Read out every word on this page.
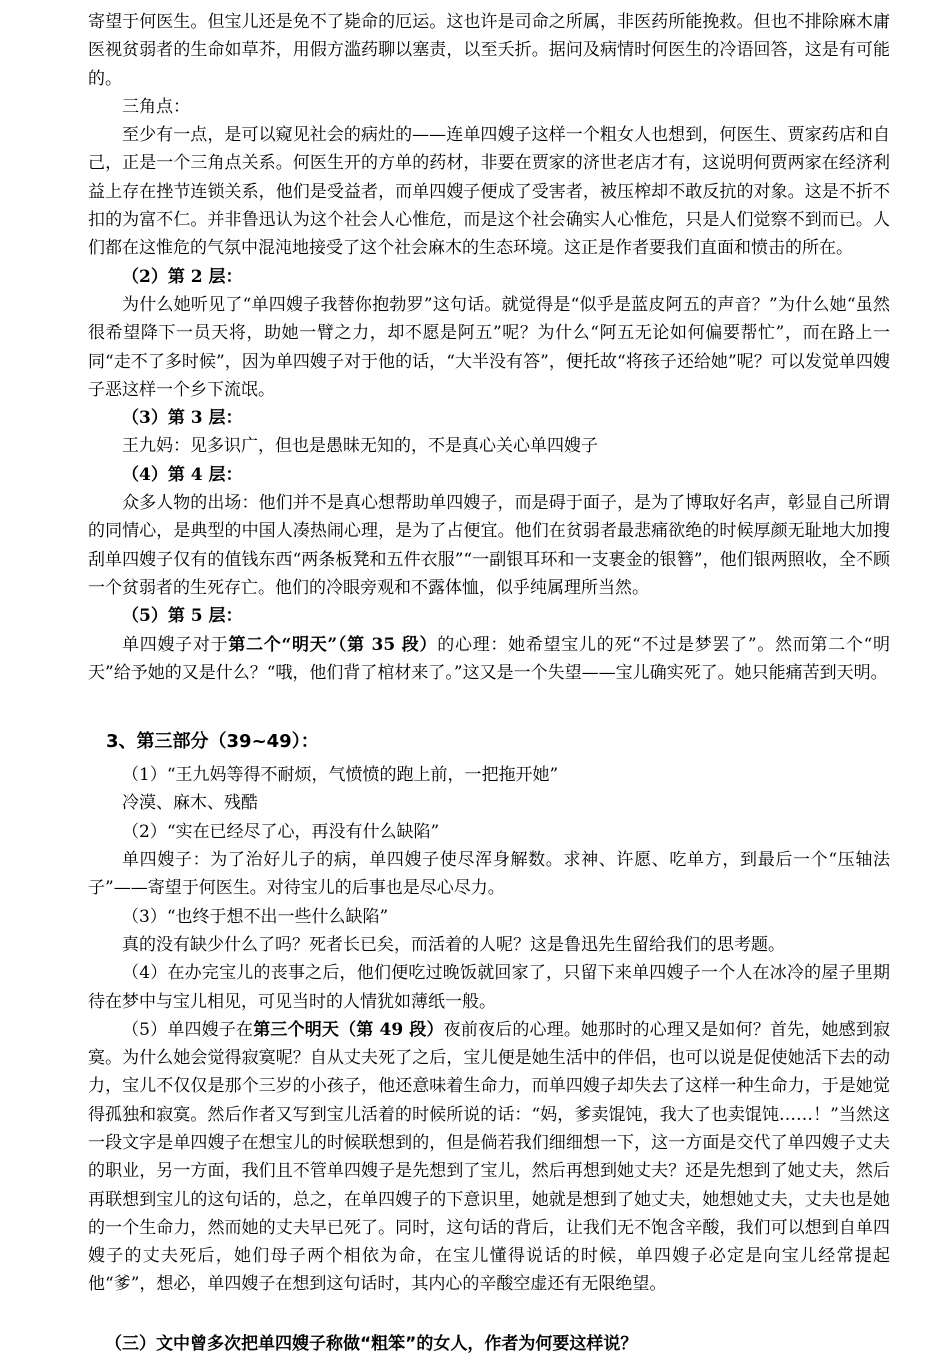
寄望于何医生。但宝儿还是免不了毙命的厄运。这也许是司命之所属，非医药所能挽救。但也不排除麻木庸医视贫弱者的生命如草芥，用假方滥药聊以塞责，以至夭折。据问及病情时何医生的冷语回答，这是有可能的。

三角点：

至少有一点，是可以窥见社会的病灶的——连单四嫂子这样一个粗女人也想到，何医生、贾家药店和自己，正是一个三角点关系。何医生开的方单的药材，非要在贾家的济世老店才有，这说明何贾两家在经济利益上存在挫节连锁关系，他们是受益者，而单四嫂子便成了受害者，被压榨却不敢反抗的对象。这是不折不扣的为富不仁。并非鲁迅认为这个社会人心惟危，而是这个社会确实人心惟危，只是人们觉察不到而已。人们都在这惟危的气氛中混沌地接受了这个社会麻木的生态环境。这正是作者要我们直面和愤击的所在。

（2）第 2 层：

为什么她听见了“单四嫂子我替你抱勃罗”这句话。就觉得是“似乎是蓝皮阿五的声音？”为什么她“虽然很希望降下一员天将，助她一臂之力，却不愿是阿五”呢？为什么“阿五无论如何偏要帮忙”，而在路上一同“走不了多时候”，因为单四嫂子对于他的话，“大半没有答”，便托故“将孩子还给她”呢？可以发觉单四嫂子恶这样一个乡下流氓。

（3）第 3 层：

王九妈：见多识广，但也是愚昧无知的，不是真心关心单四嫂子

（4）第 4 层：

众多人物的出场：他们并不是真心想帮助单四嫂子，而是碍于面子，是为了博取好名声，彰显自己所谓的同情心，是典型的中国人凑热闹心理，是为了占便宜。他们在贫弱者最悲痛欲绝的时候厚颜无耻地大加搜刮单四嫂子仅有的值钱东西“两条板凳和五件衣服”“一副银耳环和一支裹金的银簪”，他们银两照收，全不顾一个贫弱者的生死存亡。他们的冷眼旁观和不露体恤，似乎纯属理所当然。

（5）第 5 层：

单四嫂子对于第二个“明天”（第 35 段）的心理：她希望宝儿的死“不过是梦罢了”。然而第二个“明天”给予她的又是什么？“哦，他们背了棺材来了。”这又是一个失望——宝儿确实死了。她只能痛苦到天明。

3、第三部分（39~49）：

（1）“王九妈等得不耐烦，气愤愤的跑上前，一把拖开她”

冷漠、麻木、残酷

（2）“实在已经尽了心，再没有什么缺陷”

单四嫂子：为了治好儿子的病，单四嫂子使尽浑身解数。求神、许愿、吃单方，到最后一个“压轴法子”——寄望于何医生。对待宝儿的后事也是尽心尽力。

（3）“也终于想不出一些什么缺陷”

真的没有缺少什么了吗？死者长已矣，而活着的人呢？这是鲁迅先生留给我们的思考题。

（4）在办完宝儿的丧事之后，他们便吃过晚饭就回家了，只留下来单四嫂子一个人在冰冷的屋子里期待在梦中与宝儿相见，可见当时的人情犹如薄纸一般。

（5）单四嫂子在第三个明天（第 49 段）夜前夜后的心理。她那时的心理又是如何？首先，她感到寂寞。为什么她会觉得寂寞呢？自从丈夫死了之后，宝儿便是她生活中的伴侣，也可以说是促使她活下去的动力，宝儿不仅仅是那个三岁的小孩子，他还意味着生命力，而单四嫂子却失去了这样一种生命力，于是她觉得孤独和寂寞。然后作者又写到宝儿活着的时候所说的话：“妈，爹卖馄饨，我大了也卖馄饨……！”当然这一段文字是单四嫂子在想宝儿的时候联想到的，但是倘若我们细细想一下，这一方面是交代了单四嫂子丈夫的职业，另一方面，我们且不管单四嫂子是先想到了宝儿，然后再想到她丈夫？还是先想到了她丈夫，然后再联想到宝儿的这句话的，总之，在单四嫂子的下意识里，她就是想到了她丈夫，她想她丈夫，丈夫也是她的一个生命力，然而她的丈夫早已死了。同时，这句话的背后，让我们无不饱含辛酸，我们可以想到自单四嫂子的丈夫死后，她们母子两个相依为命，在宝儿懂得说话的时候，单四嫂子必定是向宝儿经常提起他“爹”，想必，单四嫂子在想到这句话时，其内心的辛酸空虚还有无限绝望。

（三）文中曾多次把单四嫂子称做“粗笨”的女人，作者为何要这样说？
